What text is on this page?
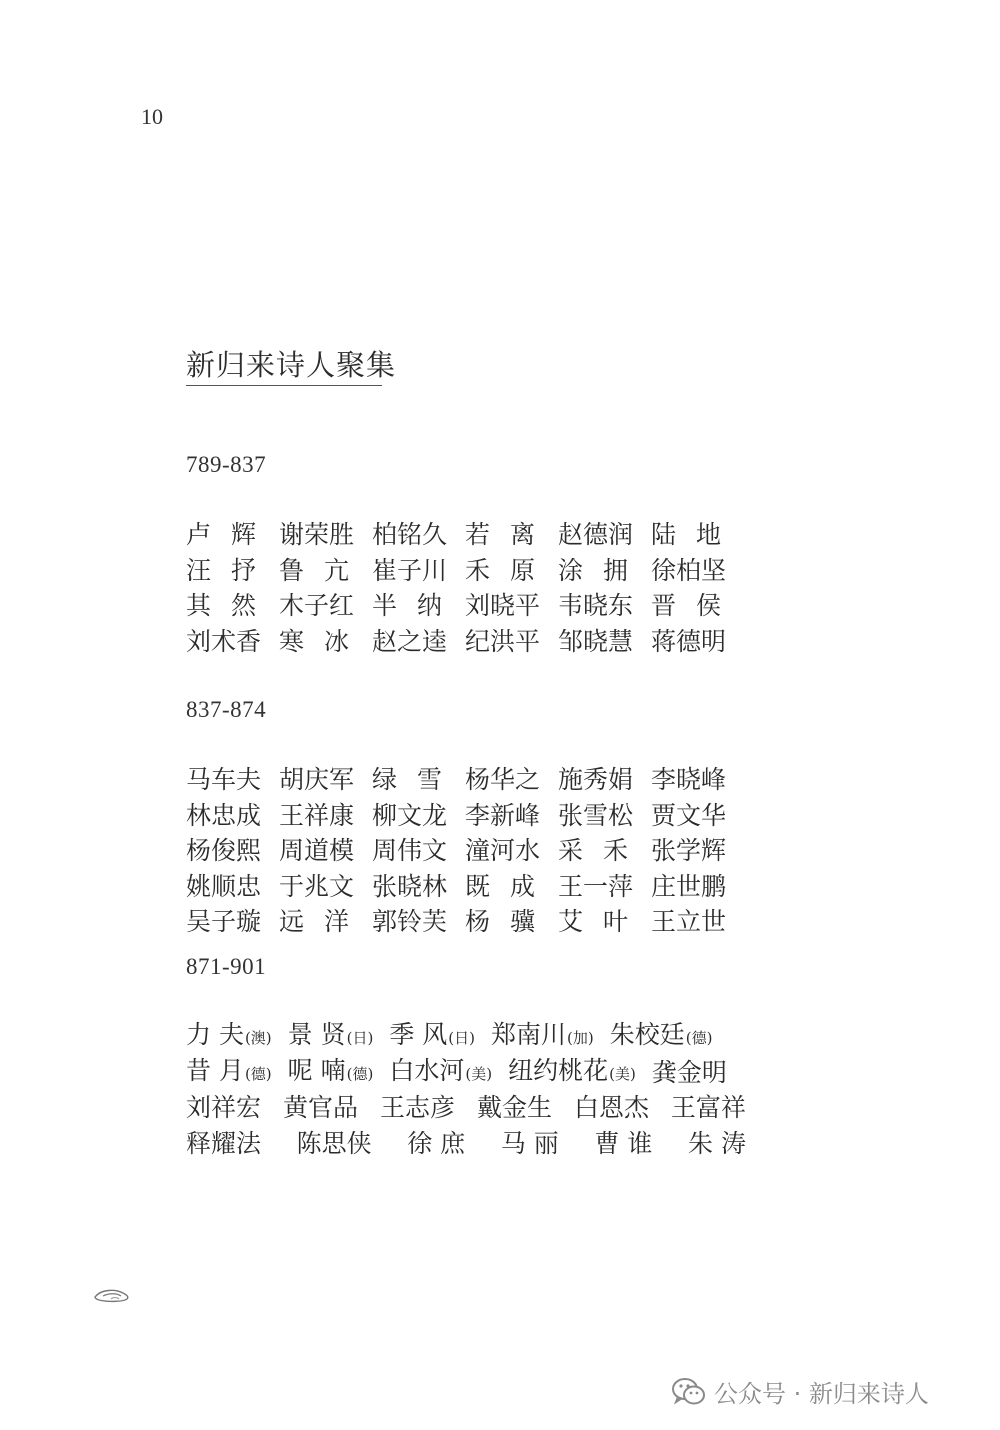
10
新归来诗人聚集
789-837
卢 辉 谢荣胜 柏铭久 若 离 赵德润 陆 地
汪 抒 鲁 亢 崔子川 禾 原 涂 拥 徐柏坚
其 然 木子红 半 纳 刘晓平 韦晓东 晋 侯
刘术香 寒 冰 赵之逵 纪洪平 邹晓慧 蒋德明
837-874
马车夫 胡庆军 绿 雪 杨华之 施秀娟 李晓峰
林忠成 王祥康 柳文龙 李新峰 张雪松 贾文华
杨俊熙 周道模 周伟文 潼河水 采 禾 张学辉
姚顺忠 于兆文 张晓林 既 成 王一萍 庄世鹏
吴子璇 远 洋 郭铃芙 杨 骥 艾 叶 王立世
871-901
力 夫(澳) 景 贤(日) 季 风(日) 郑南川(加) 朱校廷(德)
昔 月(德) 呢 喃(德) 白水河(美) 纽约桃花(美) 龚金明
刘祥宏 黄官品 王志彦 戴金生 白恩杰 王富祥
释耀法 陈思侠 徐 庶 马 丽 曹 谁 朱 涛
公众号 · 新归来诗人
